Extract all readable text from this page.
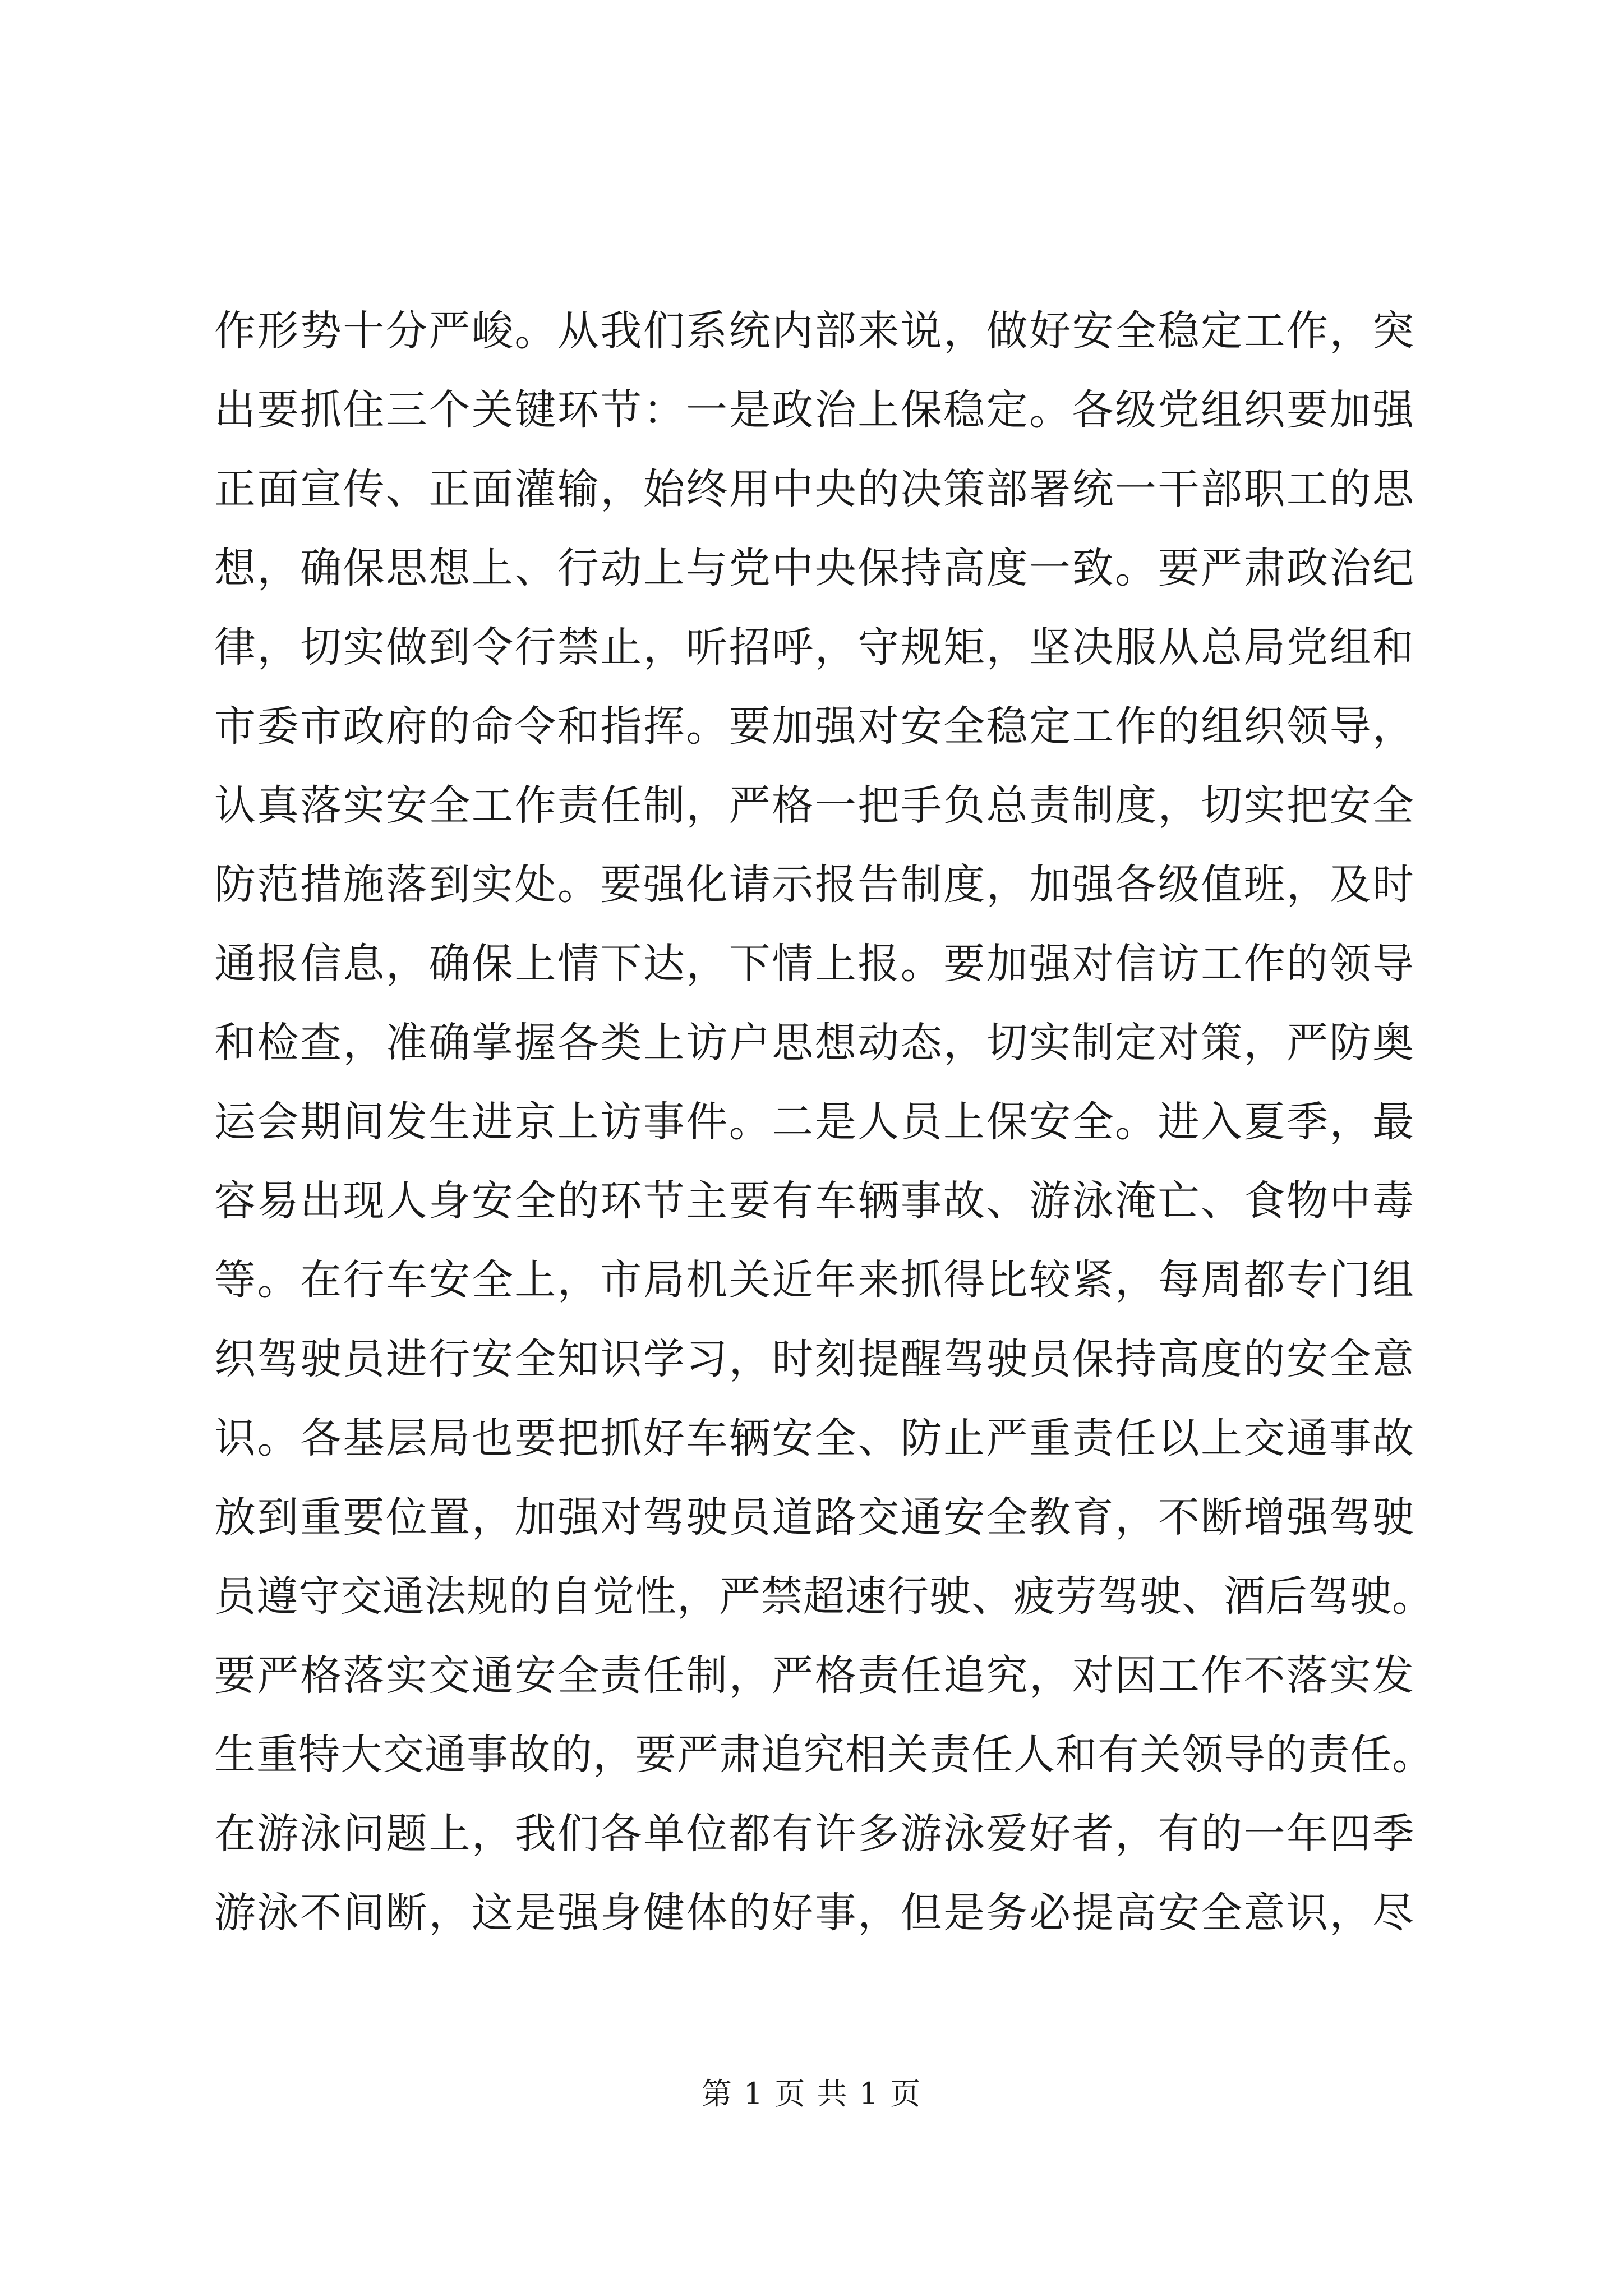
作形势十分严峻。从我们系统内部来说，做好安全稳定工作，突
出要抓住三个关键环节：一是政治上保稳定。各级党组织要加强
正面宣传、正面灌输，始终用中央的决策部署统一干部职工的思
想，确保思想上、行动上与党中央保持高度一致。要严肃政治纪
律，切实做到令行禁止，听招呼，守规矩，坚决服从总局党组和
市委市政府的命令和指挥。要加强对安全稳定工作的组织领导，
认真落实安全工作责任制，严格一把手负总责制度，切实把安全
防范措施落到实处。要强化请示报告制度，加强各级值班，及时
通报信息，确保上情下达，下情上报。要加强对信访工作的领导
和检查，准确掌握各类上访户思想动态，切实制定对策，严防奥
运会期间发生进京上访事件。二是人员上保安全。进入夏季，最
容易出现人身安全的环节主要有车辆事故、游泳淹亡、食物中毒
等。在行车安全上，市局机关近年来抓得比较紧，每周都专门组
织驾驶员进行安全知识学习，时刻提醒驾驶员保持高度的安全意
识。各基层局也要把抓好车辆安全、防止严重责任以上交通事故
放到重要位置，加强对驾驶员道路交通安全教育，不断增强驾驶
员遵守交通法规的自觉性，严禁超速行驶、疲劳驾驶、酒后驾驶。
要严格落实交通安全责任制，严格责任追究，对因工作不落实发
生重特大交通事故的，要严肃追究相关责任人和有关领导的责任。
在游泳问题上，我们各单位都有许多游泳爱好者，有的一年四季
游泳不间断，这是强身健体的好事，但是务必提高安全意识，尽
第 1 页 共 1 页
